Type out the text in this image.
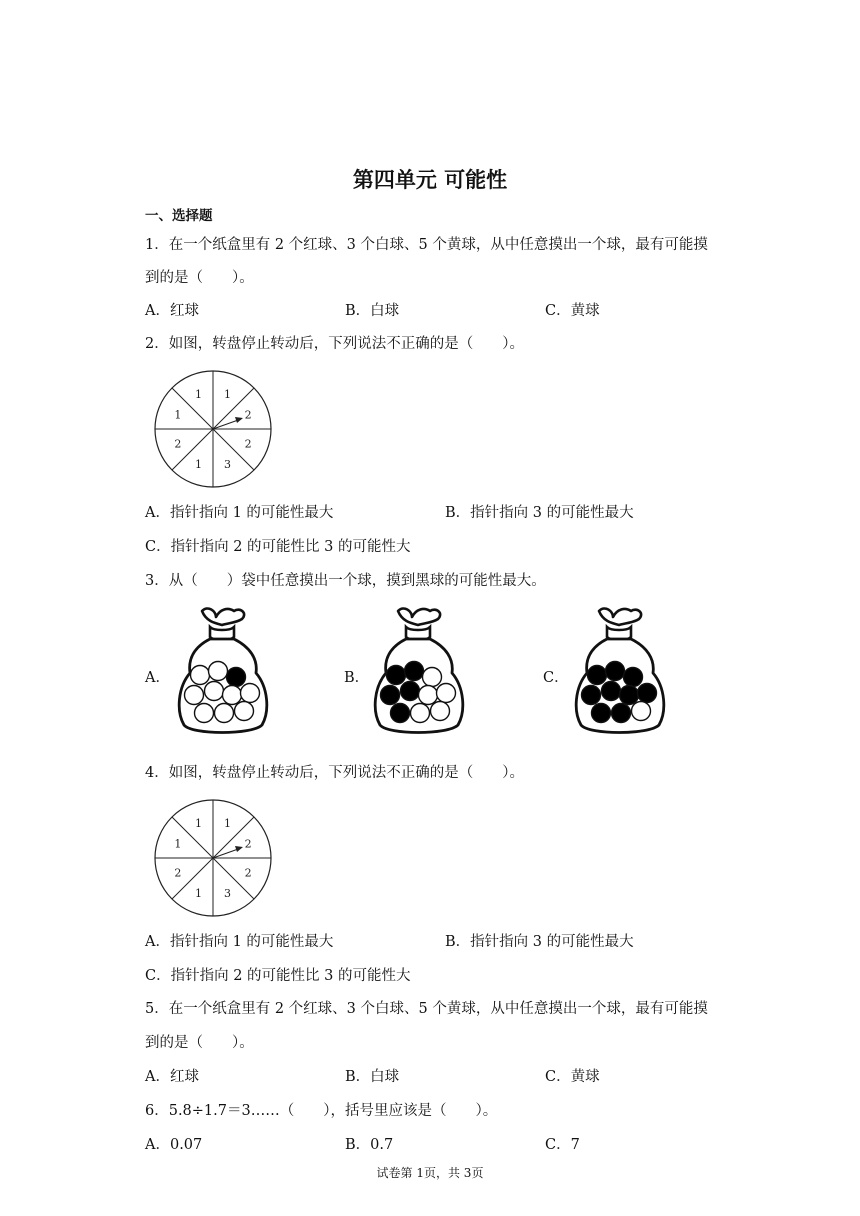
第四单元 可能性
一、选择题
1．在一个纸盒里有 2 个红球、3 个白球、5 个黄球，从中任意摸出一个球，最有可能摸
到的是（　　）。
A．红球	B．白球	C．黄球
2．如图，转盘停止转动后，下列说法不正确的是（　　）。
1 1
2
2
3
1
2
1
A．指针指向 1 的可能性最大	B．指针指向 3 的可能性最大
C．指针指向 2 的可能性比 3 的可能性大
3．从（　　）袋中任意摸出一个球，摸到黑球的可能性最大。
A．	B．	C．
4．如图，转盘停止转动后，下列说法不正确的是（　　）。
1 1
2
2
3
1
2
1
A．指针指向 1 的可能性最大	B．指针指向 3 的可能性最大
C．指针指向 2 的可能性比 3 的可能性大
5．在一个纸盒里有 2 个红球、3 个白球、5 个黄球，从中任意摸出一个球，最有可能摸
到的是（　　）。
A．红球	B．白球	C．黄球
6．5.8÷1.7＝3……（　　），括号里应该是（　　）。
A．0.07	B．0.7	C．7
试卷第 1页，共 3页
